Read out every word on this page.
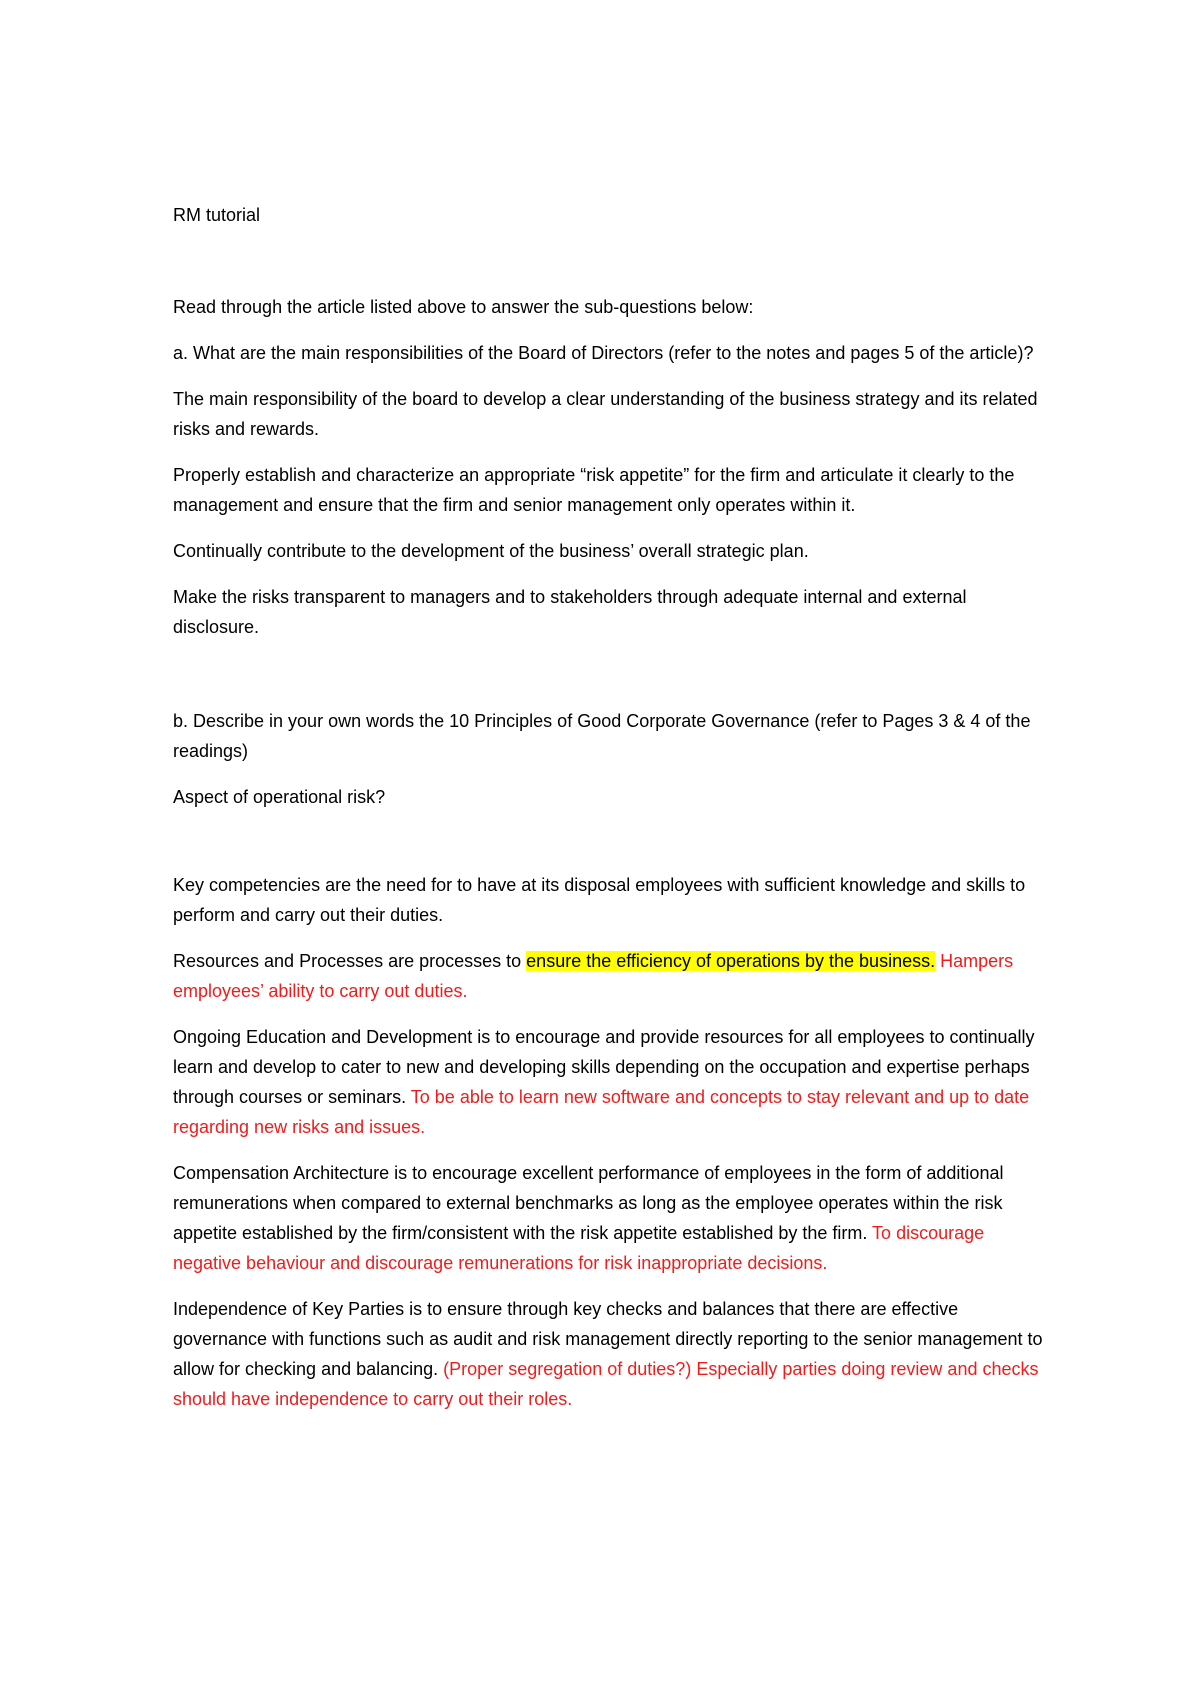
RM tutorial

Read through the article listed above to answer the sub-questions below:

a. What are the main responsibilities of the Board of Directors (refer to the notes and pages 5 of the article)?

The main responsibility of the board to develop a clear understanding of the business strategy and its related risks and rewards.

Properly establish and characterize an appropriate “risk appetite” for the firm and articulate it clearly to the management and ensure that the firm and senior management only operates within it.

Continually contribute to the development of the business’ overall strategic plan.

Make the risks transparent to managers and to stakeholders through adequate internal and external disclosure.

b. Describe in your own words the 10 Principles of Good Corporate Governance (refer to Pages 3 & 4 of the readings)

Aspect of operational risk?

Key competencies are the need for to have at its disposal employees with sufficient knowledge and skills to perform and carry out their duties.

Resources and Processes are processes to ensure the efficiency of operations by the business. Hampers employees’ ability to carry out duties.

Ongoing Education and Development is to encourage and provide resources for all employees to continually learn and develop to cater to new and developing skills depending on the occupation and expertise perhaps through courses or seminars. To be able to learn new software and concepts to stay relevant and up to date regarding new risks and issues.

Compensation Architecture is to encourage excellent performance of employees in the form of additional remunerations when compared to external benchmarks as long as the employee operates within the risk appetite established by the firm/consistent with the risk appetite established by the firm. To discourage negative behaviour and discourage remunerations for risk inappropriate decisions.

Independence of Key Parties is to ensure through key checks and balances that there are effective governance with functions such as audit and risk management directly reporting to the senior management to allow for checking and balancing. (Proper segregation of duties?) Especially parties doing review and checks should have independence to carry out their roles.
